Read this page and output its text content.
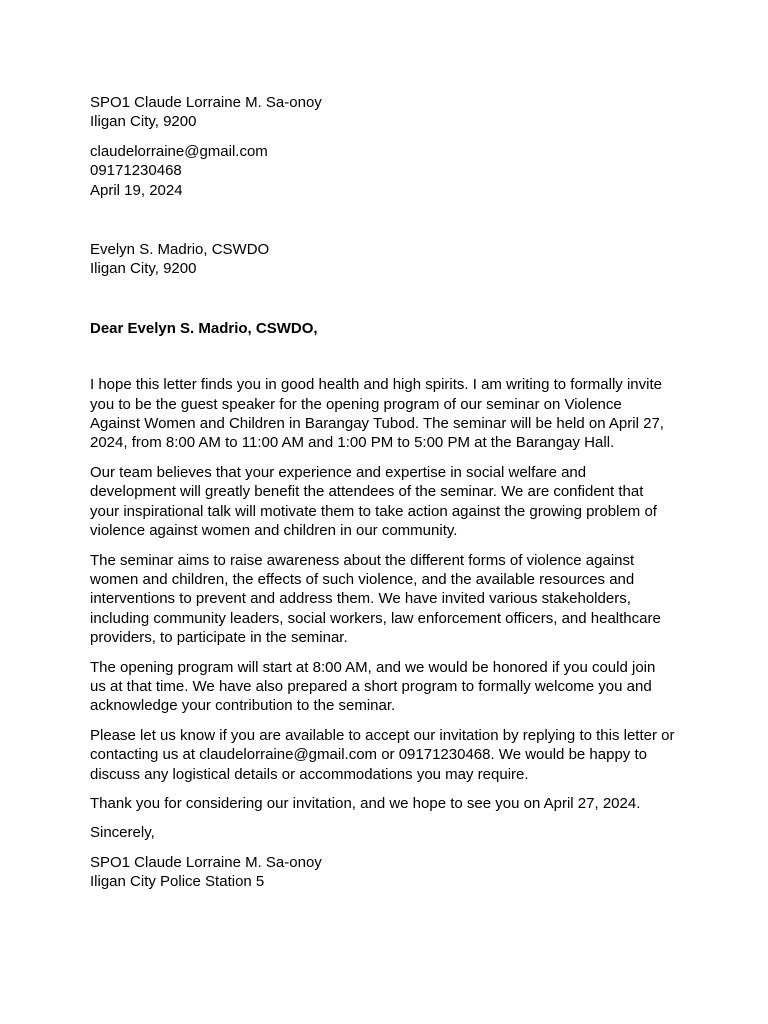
SPO1 Claude Lorraine M. Sa-onoy
Iligan City, 9200
claudelorraine@gmail.com
09171230468
April 19, 2024
Evelyn S. Madrio, CSWDO
Iligan City, 9200
Dear Evelyn S. Madrio, CSWDO,
I hope this letter finds you in good health and high spirits. I am writing to formally invite
you to be the guest speaker for the opening program of our seminar on Violence
Against Women and Children in Barangay Tubod. The seminar will be held on April 27,
2024, from 8:00 AM to 11:00 AM and 1:00 PM to 5:00 PM at the Barangay Hall.
Our team believes that your experience and expertise in social welfare and
development will greatly benefit the attendees of the seminar. We are confident that
your inspirational talk will motivate them to take action against the growing problem of
violence against women and children in our community.
The seminar aims to raise awareness about the different forms of violence against
women and children, the effects of such violence, and the available resources and
interventions to prevent and address them. We have invited various stakeholders,
including community leaders, social workers, law enforcement officers, and healthcare
providers, to participate in the seminar.
The opening program will start at 8:00 AM, and we would be honored if you could join
us at that time. We have also prepared a short program to formally welcome you and
acknowledge your contribution to the seminar.
Please let us know if you are available to accept our invitation by replying to this letter or
contacting us at claudelorraine@gmail.com or 09171230468. We would be happy to
discuss any logistical details or accommodations you may require.
Thank you for considering our invitation, and we hope to see you on April 27, 2024.
Sincerely,
SPO1 Claude Lorraine M. Sa-onoy
Iligan City Police Station 5
